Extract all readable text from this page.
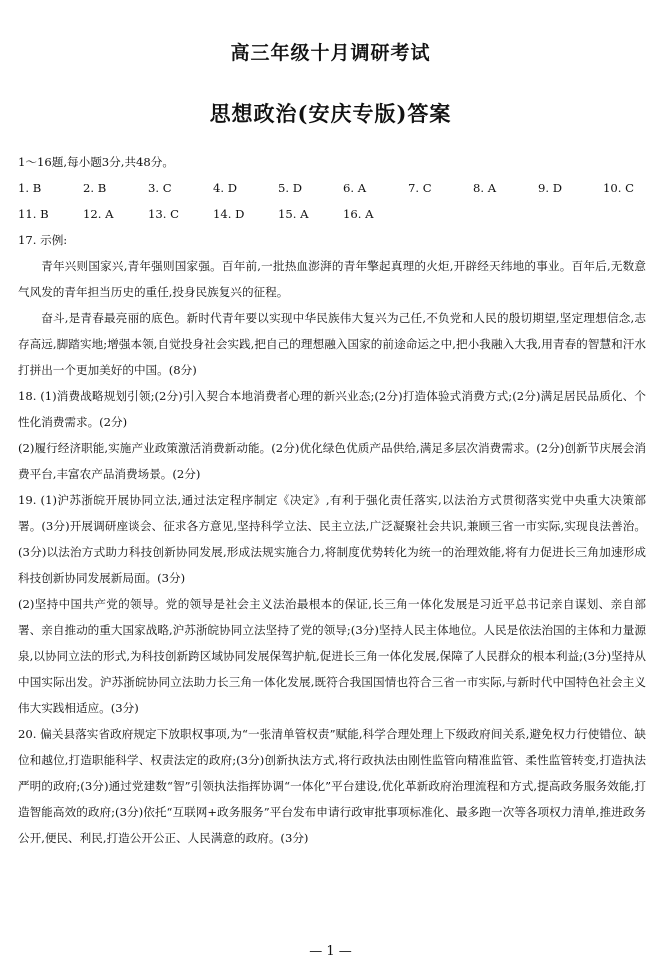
高三年级十月调研考试
思想政治(安庆专版)答案

1～16题,每小题3分,共48分。

1. B	2. B	3. C	4. D	5. D	6. A	7. C	8. A	9. D	10. C
11. B	12. A	13. C	14. D	15. A	16. A

17. 示例:

青年兴则国家兴,青年强则国家强。百年前,一批热血澎湃的青年擎起真理的火炬,开辟经天纬地的事业。百年后,无数意气风发的青年担当历史的重任,投身民族复兴的征程。

奋斗,是青春最亮丽的底色。新时代青年要以实现中华民族伟大复兴为己任,不负党和人民的殷切期望,坚定理想信念,志存高远,脚踏实地;增强本领,自觉投身社会实践,把自己的理想融入国家的前途命运之中,把小我融入大我,用青春的智慧和汗水打拼出一个更加美好的中国。(8分)

18. (1)消费战略规划引领;(2分)引入契合本地消费者心理的新兴业态;(2分)打造体验式消费方式;(2分)满足居民品质化、个性化消费需求。(2分)

(2)履行经济职能,实施产业政策激活消费新动能。(2分)优化绿色优质产品供给,满足多层次消费需求。(2分)创新节庆展会消费平台,丰富农产品消费场景。(2分)

19. (1)沪苏浙皖开展协同立法,通过法定程序制定《决定》,有利于强化责任落实,以法治方式贯彻落实党中央重大决策部署。(3分)开展调研座谈会、征求各方意见,坚持科学立法、民主立法,广泛凝聚社会共识,兼顾三省一市实际,实现良法善治。(3分)以法治方式助力科技创新协同发展,形成法规实施合力,将制度优势转化为统一的治理效能,将有力促进长三角加速形成科技创新协同发展新局面。(3分)

(2)坚持中国共产党的领导。党的领导是社会主义法治最根本的保证,长三角一体化发展是习近平总书记亲自谋划、亲自部署、亲自推动的重大国家战略,沪苏浙皖协同立法坚持了党的领导;(3分)坚持人民主体地位。人民是依法治国的主体和力量源泉,以协同立法的形式,为科技创新跨区域协同发展保驾护航,促进长三角一体化发展,保障了人民群众的根本利益;(3分)坚持从中国实际出发。沪苏浙皖协同立法助力长三角一体化发展,既符合我国国情也符合三省一市实际,与新时代中国特色社会主义伟大实践相适应。(3分)

20. 偏关县落实省政府规定下放职权事项,为“一张清单管权责”赋能,科学合理处理上下级政府间关系,避免权力行使错位、缺位和越位,打造职能科学、权责法定的政府;(3分)创新执法方式,将行政执法由刚性监管向精准监管、柔性监管转变,打造执法严明的政府;(3分)通过党建数“智”引领执法指挥协调“一体化”平台建设,优化革新政府治理流程和方式,提高政务服务效能,打造智能高效的政府;(3分)依托“互联网+政务服务”平台发布申请行政审批事项标准化、最多跑一次等各项权力清单,推进政务公开,便民、利民,打造公开公正、人民满意的政府。(3分)

— 1 —
